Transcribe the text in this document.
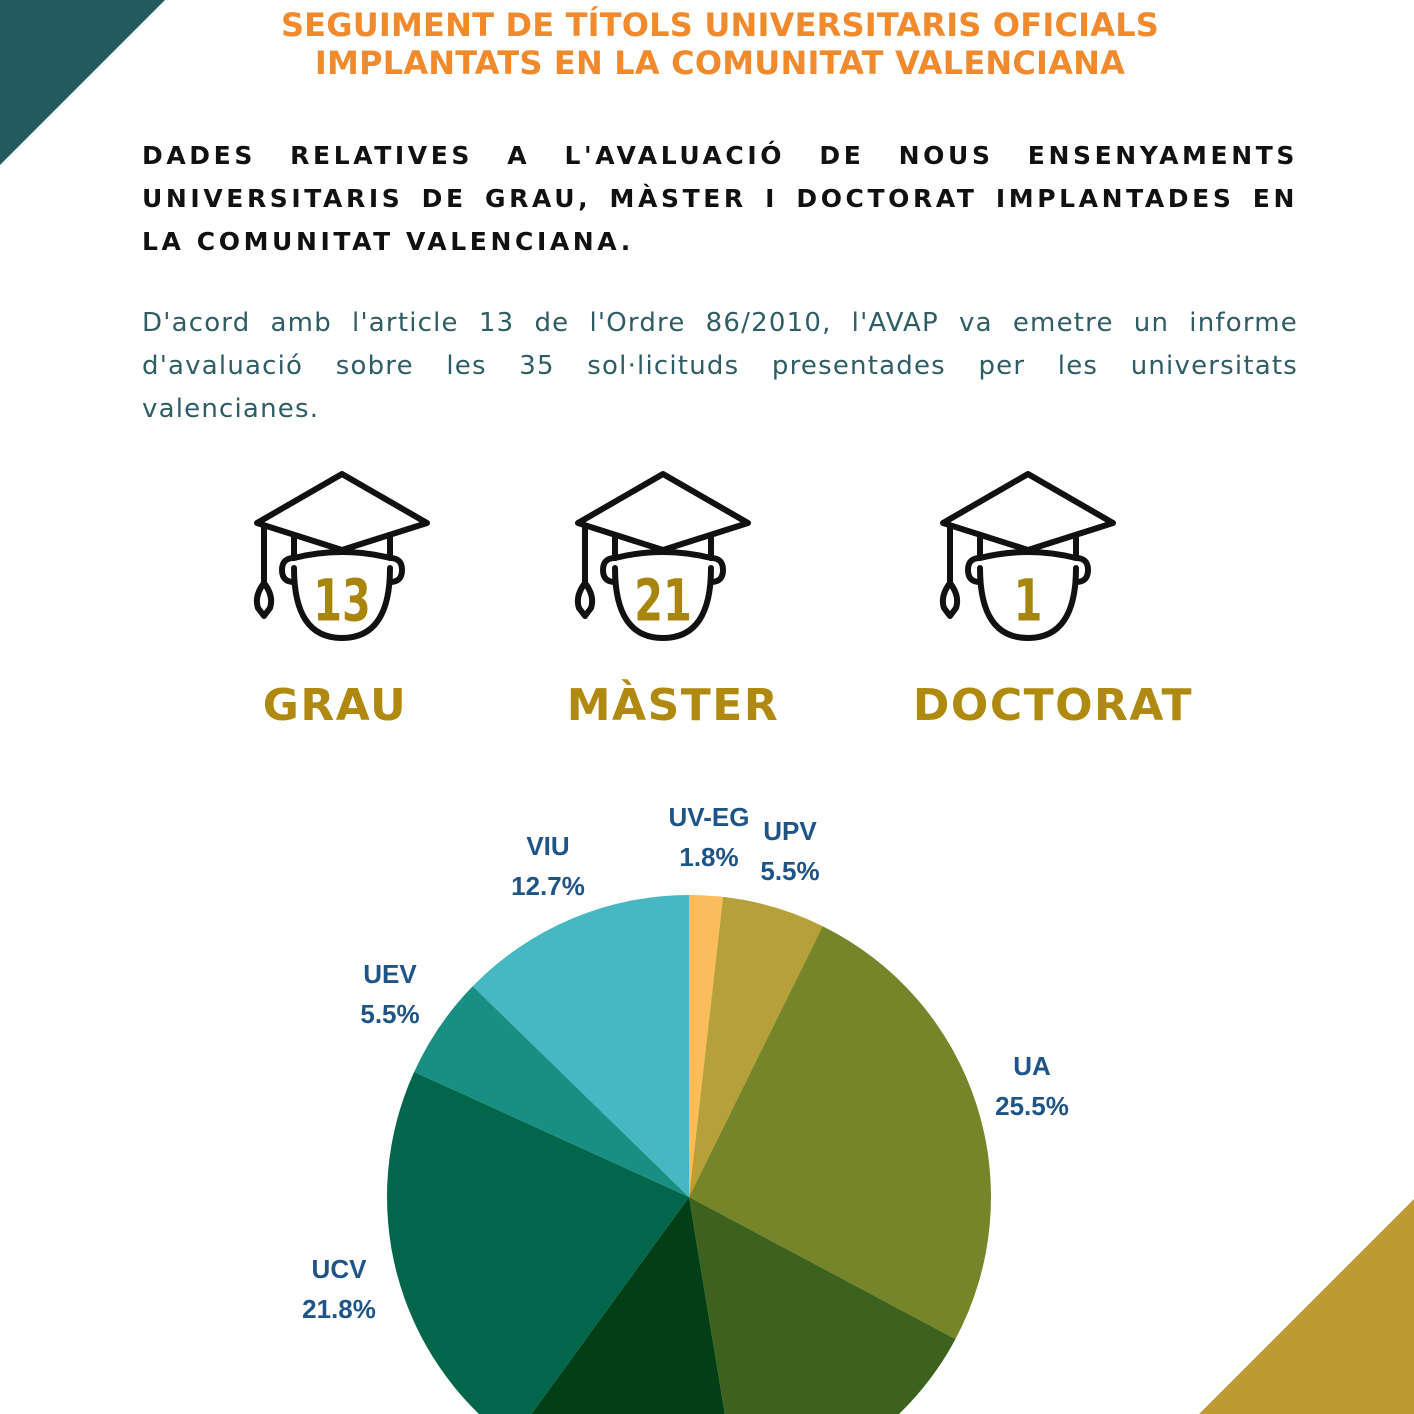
SEGUIMENT DE TÍTOLS UNIVERSITARIS OFICIALS
IMPLANTATS EN LA COMUNITAT VALENCIANA
DADES RELATIVES A L'AVALUACIÓ DE NOUS ENSENYAMENTS UNIVERSITARIS DE GRAU, MÀSTER I DOCTORAT IMPLANTADES EN LA COMUNITAT VALENCIANA.
D'acord amb l'article 13 de l'Ordre 86/2010, l'AVAP va emetre un informe d'avaluació sobre les 35 sol·licituds presentades per les universitats valencianes.
13	21	1
GRAU	MÀSTER	DOCTORAT
UV-EG
1.8%
UPV
5.5%
UA
25.5%
UCV
21.8%
UEV
5.5%
VIU
12.7%
